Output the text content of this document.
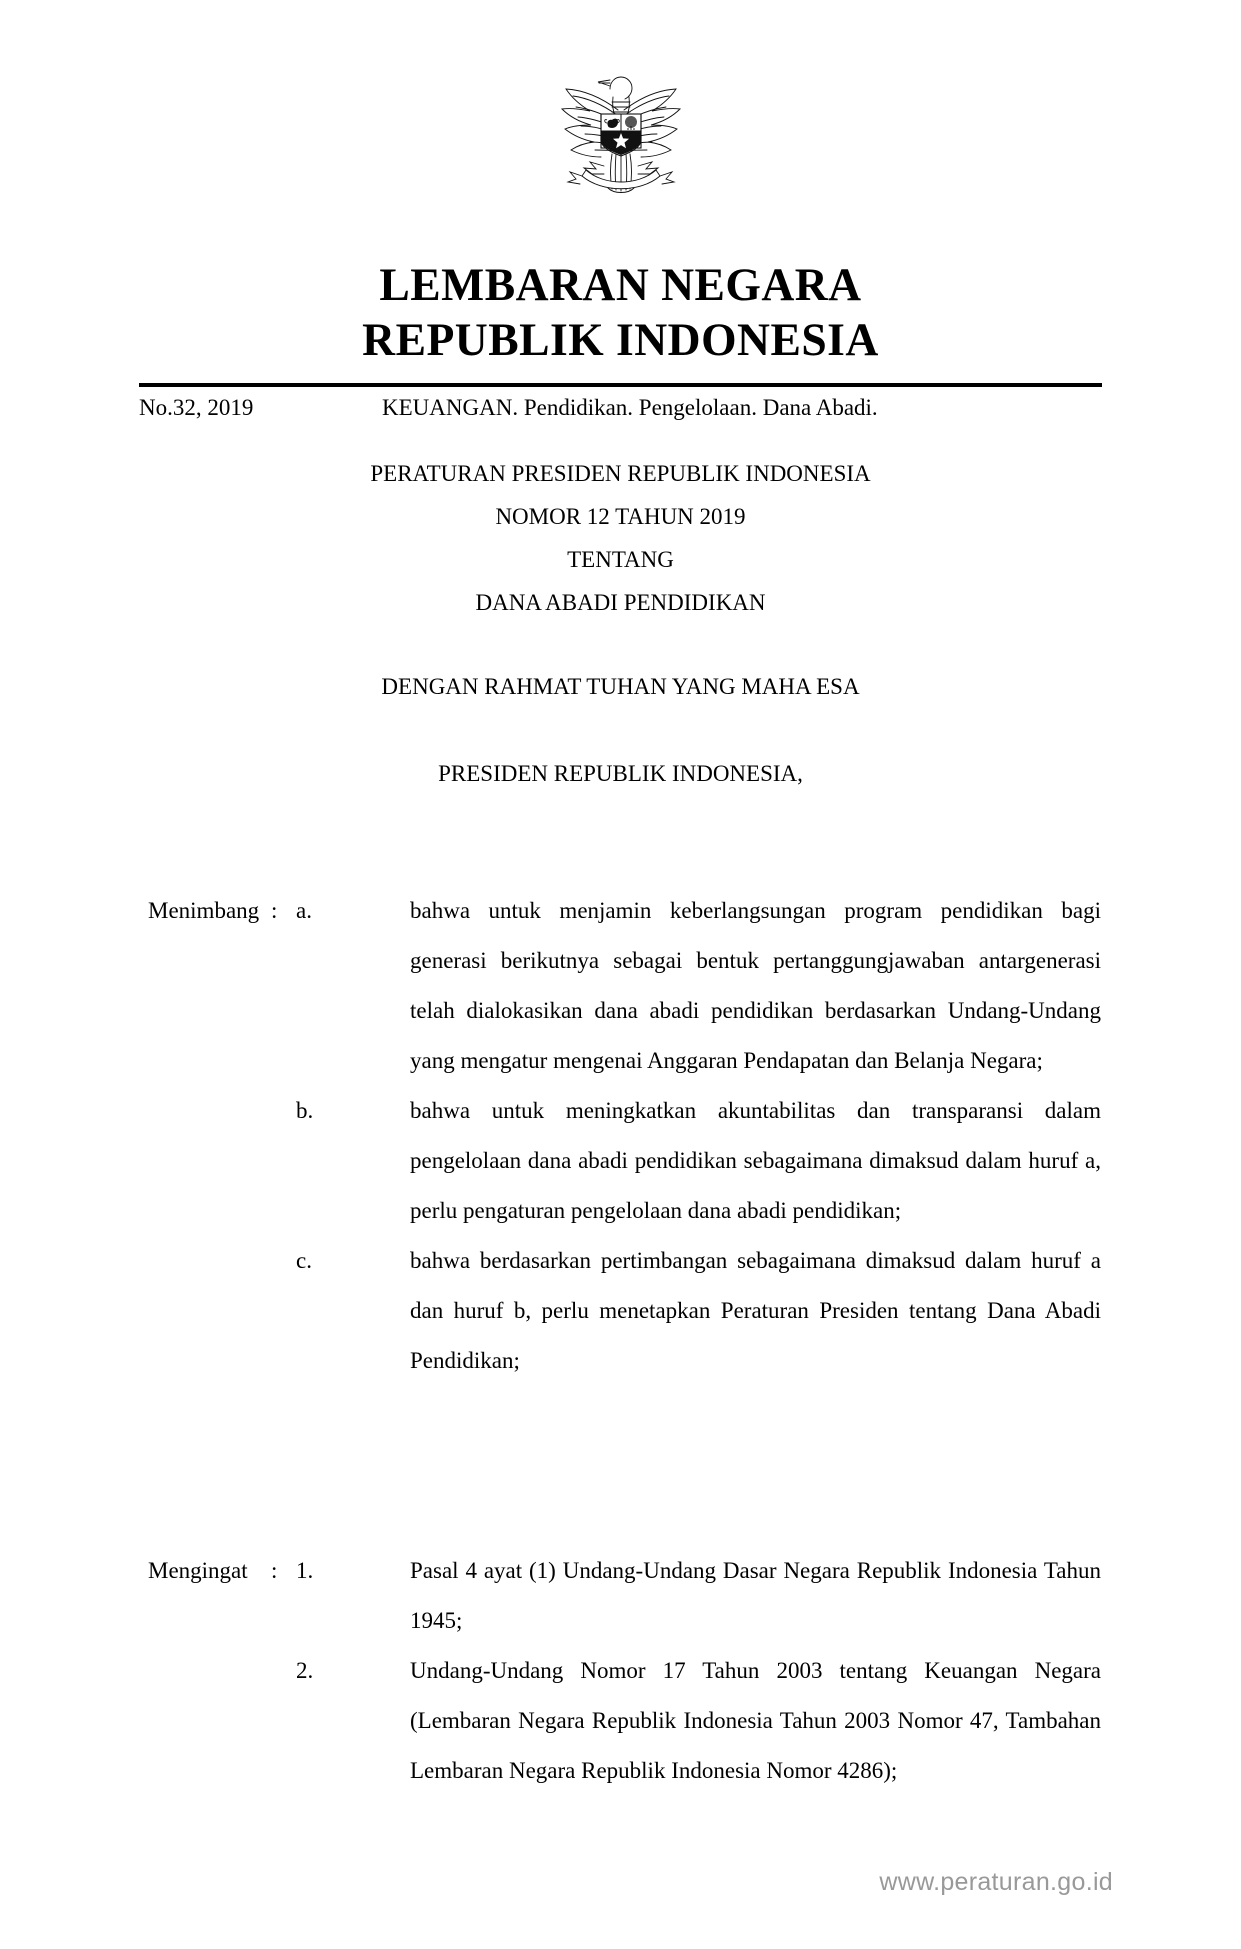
LEMBARAN NEGARA
REPUBLIK INDONESIA
No.32, 2019	KEUANGAN. Pendidikan. Pengelolaan. Dana Abadi.
PERATURAN PRESIDEN REPUBLIK INDONESIA
NOMOR 12 TAHUN 2019
TENTANG
DANA ABADI PENDIDIKAN
DENGAN RAHMAT TUHAN YANG MAHA ESA
PRESIDEN REPUBLIK INDONESIA,
Menimbang : a.	bahwa untuk menjamin keberlangsungan program pendidikan bagi generasi berikutnya sebagai bentuk pertanggungjawaban antargenerasi telah dialokasikan dana abadi pendidikan berdasarkan Undang-Undang yang mengatur mengenai Anggaran Pendapatan dan Belanja Negara;
b.	bahwa untuk meningkatkan akuntabilitas dan transparansi dalam pengelolaan dana abadi pendidikan sebagaimana dimaksud dalam huruf a, perlu pengaturan pengelolaan dana abadi pendidikan;
c.	bahwa berdasarkan pertimbangan sebagaimana dimaksud dalam huruf a dan huruf b, perlu menetapkan Peraturan Presiden tentang Dana Abadi Pendidikan;
Mengingat : 1.	Pasal 4 ayat (1) Undang-Undang Dasar Negara Republik Indonesia Tahun 1945;
2.	Undang-Undang Nomor 17 Tahun 2003 tentang Keuangan Negara (Lembaran Negara Republik Indonesia Tahun 2003 Nomor 47, Tambahan Lembaran Negara Republik Indonesia Nomor 4286);
www.peraturan.go.id
